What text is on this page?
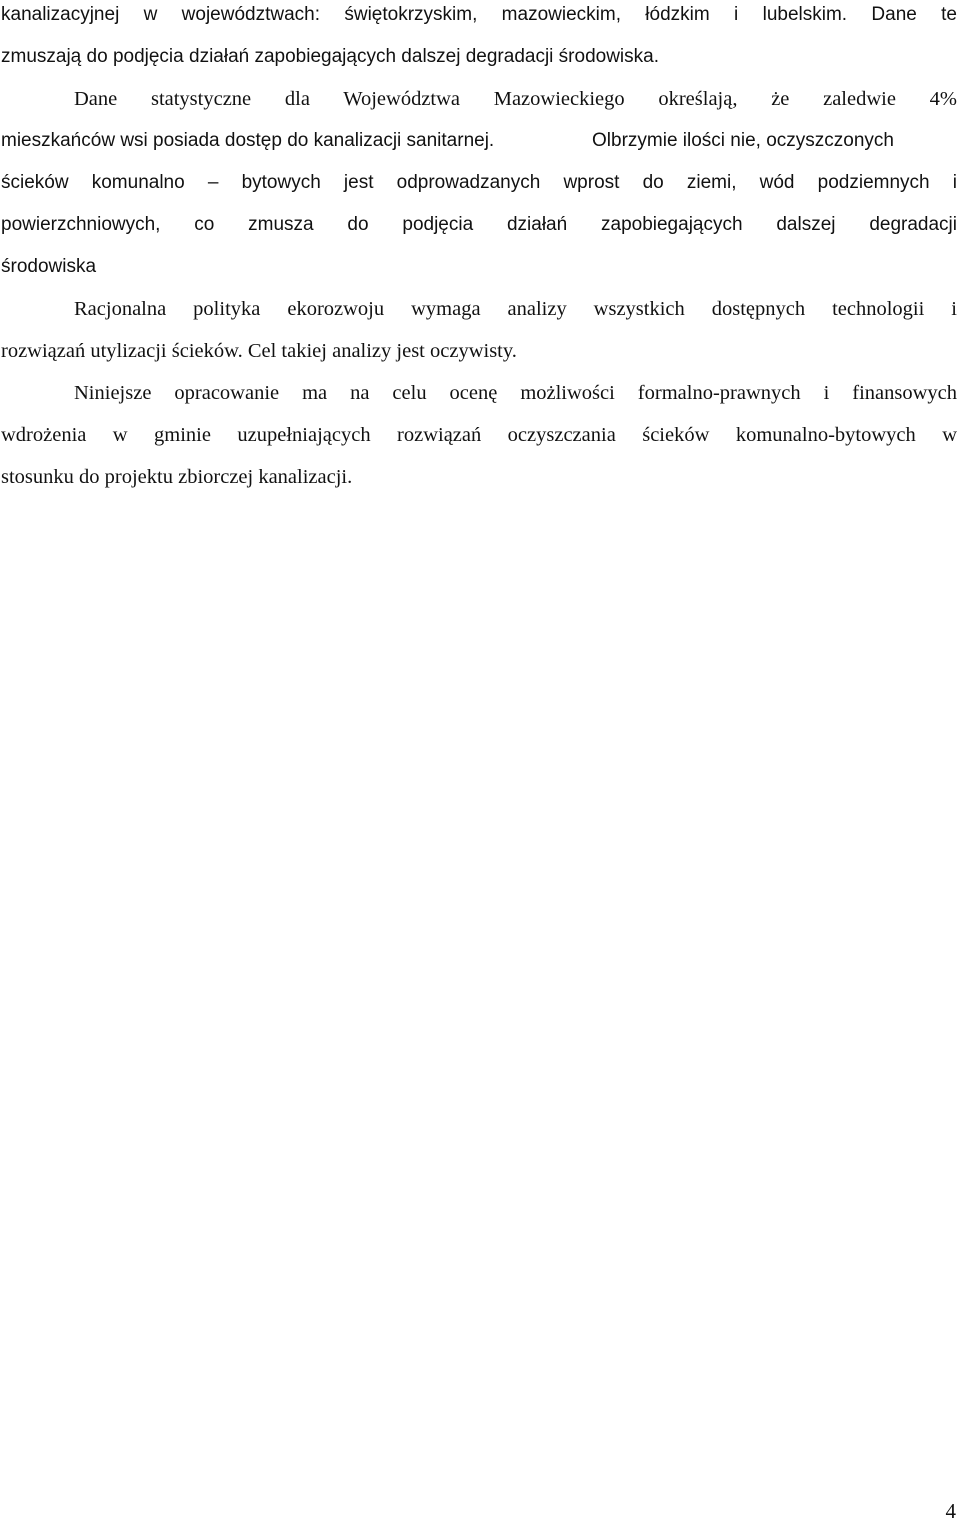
kanalizacyjnej w województwach: świętokrzyskim, mazowieckim, łódzkim i lubelskim. Dane te
zmuszają do podjęcia działań zapobiegających dalszej degradacji środowiska.
Dane statystyczne dla Województwa Mazowieckiego określają, że zaledwie 4%
mieszkańców wsi posiada dostęp do kanalizacji sanitarnej.	Olbrzymie ilości nie, oczyszczonych
ścieków komunalno – bytowych jest odprowadzanych wprost do ziemi, wód podziemnych i
powierzchniowych, co zmusza do podjęcia działań zapobiegających dalszej degradacji
środowiska
Racjonalna polityka ekorozwoju wymaga analizy wszystkich dostępnych technologii i
rozwiązań utylizacji ścieków. Cel takiej analizy jest oczywisty.
Niniejsze opracowanie ma na celu ocenę możliwości formalno-prawnych i finansowych
wdrożenia w gminie uzupełniających rozwiązań oczyszczania ścieków komunalno-bytowych w
stosunku do projektu zbiorczej kanalizacji.
4
